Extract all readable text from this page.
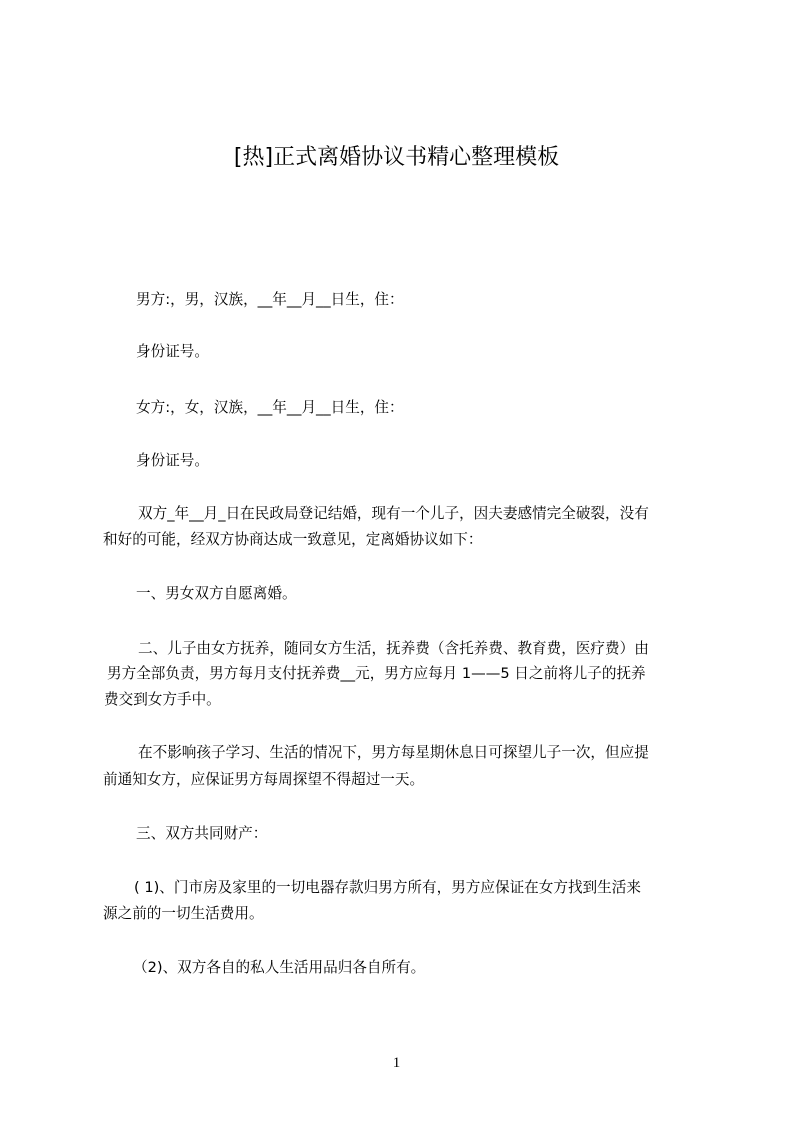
[热]正式离婚协议书精心整理模板
男方:，男，汉族，__年__月__日生，住：
身份证号。
女方:，女，汉族，__年__月__日生，住：
身份证号。
双方_年__月_日在民政局登记结婚，现有一个儿子，因夫妻感情完全破裂，没有
和好的可能，经双方协商达成一致意见，定离婚协议如下：
一、男女双方自愿离婚。
二、儿子由女方抚养，随同女方生活，抚养费（含托养费、教育费，医疗费）由
男方全部负责，男方每月支付抚养费__元，男方应每月 1——5 日之前将儿子的抚养
费交到女方手中。
在不影响孩子学习、生活的情况下，男方每星期休息日可探望儿子一次，但应提
前通知女方，应保证男方每周探望不得超过一天。
三、双方共同财产：
( 1)、门市房及家里的一切电器存款归男方所有，男方应保证在女方找到生活来
源之前的一切生活费用。
（2)、双方各自的私人生活用品归各自所有。
1
